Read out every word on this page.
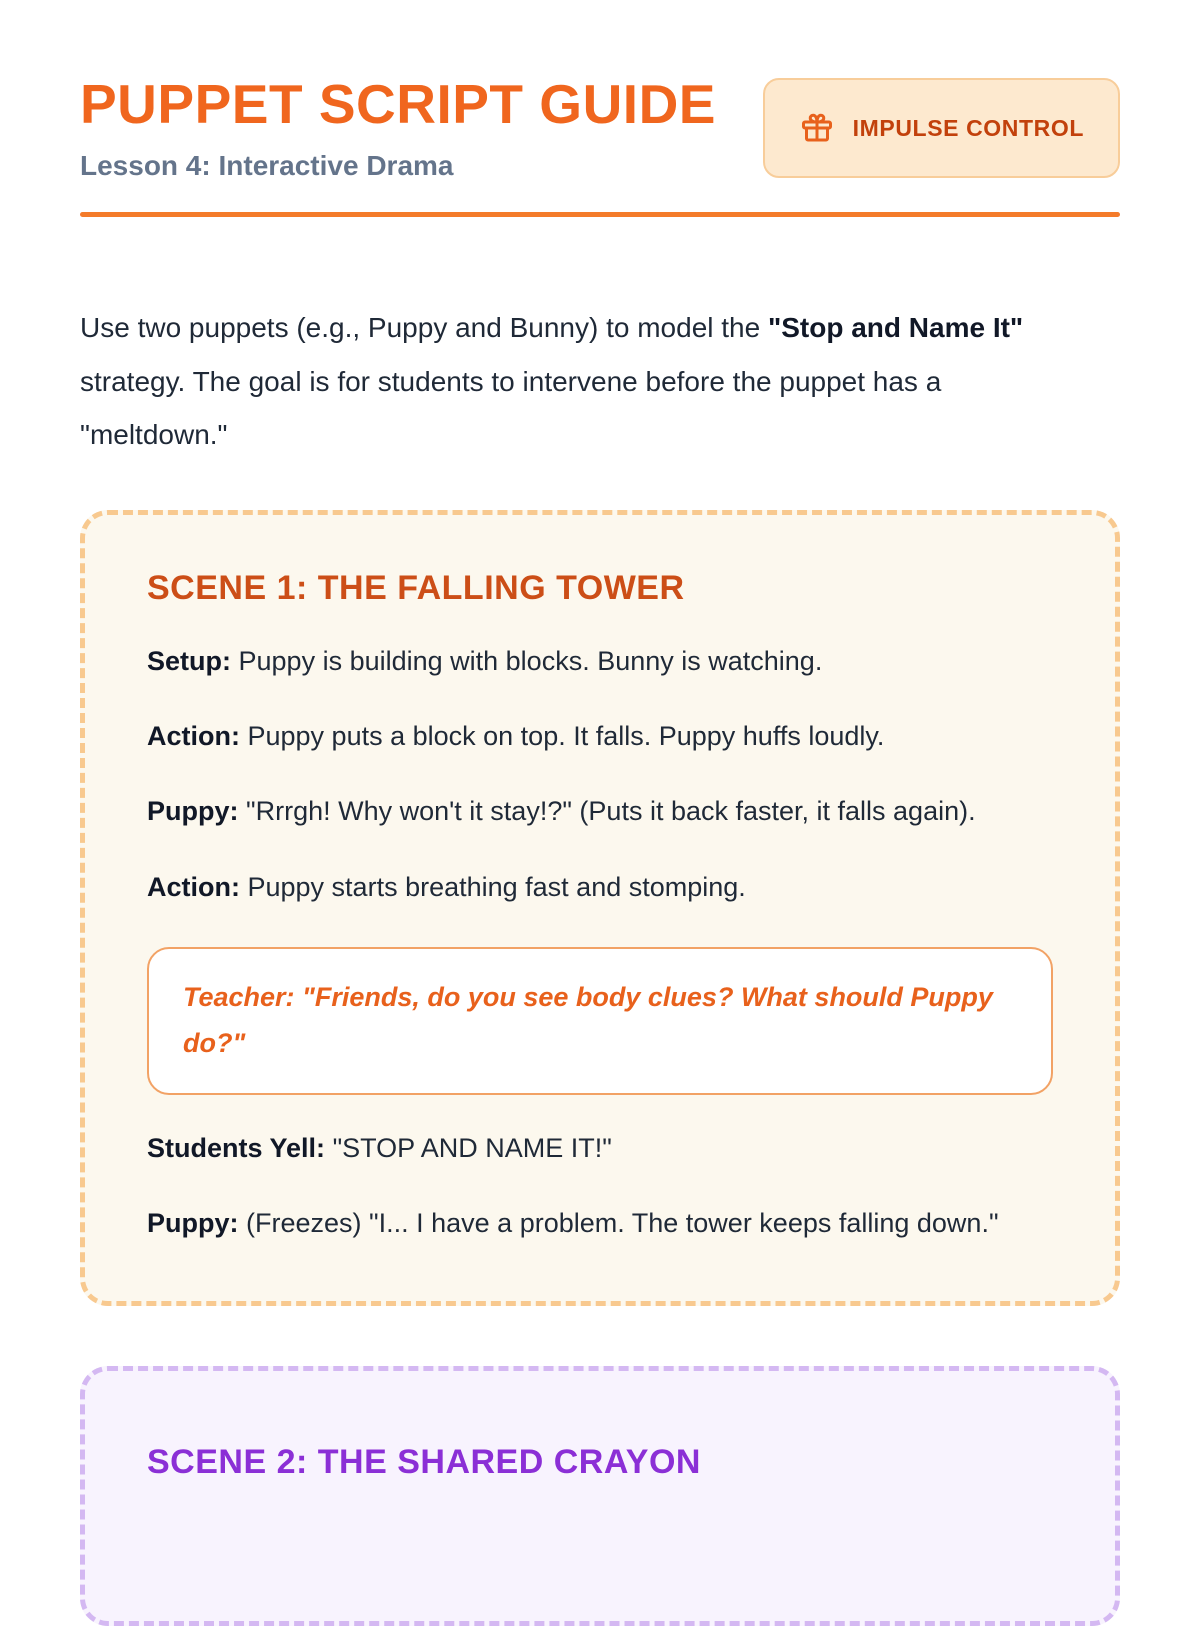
PUPPET SCRIPT GUIDE
Lesson 4: Interactive Drama
IMPULSE CONTROL

Use two puppets (e.g., Puppy and Bunny) to model the "Stop and Name It" strategy. The goal is for students to intervene before the puppet has a "meltdown."

SCENE 1: THE FALLING TOWER

Setup: Puppy is building with blocks. Bunny is watching.

Action: Puppy puts a block on top. It falls. Puppy huffs loudly.

Puppy: "Rrrgh! Why won't it stay!?" (Puts it back faster, it falls again).

Action: Puppy starts breathing fast and stomping.

Teacher: "Friends, do you see body clues? What should Puppy do?"

Students Yell: "STOP AND NAME IT!"

Puppy: (Freezes) "I... I have a problem. The tower keeps falling down."

SCENE 2: THE SHARED CRAYON
